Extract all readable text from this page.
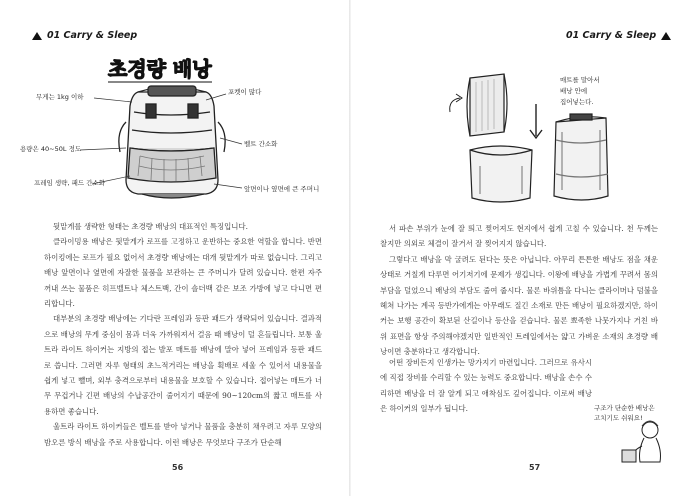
01 Carry & Sleep	01 Carry & Sleep
초경량 배낭
무게는 1kg 이하
포켓이 많다
용량은 40~50L 정도
벨트 간소화
프레임 생략, 패드 간소화
앞면이나 옆면에 큰 주머니

뒷맡게를 생략한 형태는 초경량 배낭의 대표적인 특징입니다.

클라이밍용 배낭은 뒷맡게가 로프를 고정하고 운반하는 중요한 역할을 합니다. 반면 하이킹에는 로프가 필요 없어서 초경량 배낭에는 대개 뒷맡게가 따로 없습니다. 그리고 배낭 앞면이나 옆면에 자잘한 물품을 보관하는 큰 주머니가 달려 있습니다. 한편 자주 꺼내 쓰는 물품은 히프벨트나 체스트백, 간이 숄더백 같은 보조 가방에 넣고 다니면 편리합니다.

대부분의 초경량 배낭에는 기다란 프레임과 등판 패드가 생략되어 있습니다. 결과적으로 배낭의 무게 중심이 몸과 더욱 가까워져서 걸음 때 배낭이 덜 흔들립니다. 보통 울트라 라이트 하이커는 지방의 접는 발포 매트를 배낭에 말아 넣어 프레임과 등판 패드로 씁니다. 그러면 자루 형태의 초느적거리는 배낭을 획배로 세울 수 있어서 내용물을 쉽게 넣고 뺄며, 외부 충격으로부터 내용물을 보호할 수 있습니다. 접어넣는 매트가 너무 무겁거나 긴편 배낭의 수납공간이 줄어지기 때문에 90~120cm의 짧고 매트를 사용하면 좋습니다.

울트라 라이트 하이커들은 벨트를 받아 넣거나 물품을 충분히 채우려고 자루 모양의 밤오른 방식 배낭을 주로 사용합니다. 이런 배낭은 무엇보다 구조가 단순해

56
매트를 말아서 배낭 안에 집어넣는다.

서 파손 부위가 눈에 잘 띄고 찢어져도 현지에서 쉽게 고칠 수 있습니다. 천 두께는 찰지만 의외로 체결이 잘거서 잘 찢어지지 않습니다.

그렇다고 배낭을 막 굴려도 된다는 뜻은 아닙니다. 아무리 튼튼한 배낭도 점을 채운 상태로 거칠게 다루면 어기저기에 문제가 생깁니다. 이왕에 배낭을 가볍게 꾸려서 몸의 부담을 덜었으니 배낭의 부담도 줄여 줍시다. 물론 바위틈을 다니는 클라이머나 덤불을 헤쳐 나가는 계곡 등반가에게는 아무래도 질긴 소재로 만든 배낭이 필요하겠지만, 하이커는 보행 공간이 확보된 산길이나 등산을 걷습니다. 물론 뾰족한 나뭇가지나 거친 바위 표면을 항상 주의해야겠지만 일반적인 트레일에서는 얇고 가벼운 소재의 초경량 배낭이면 충분하다고 생각합니다.

어떤 장비든지 인생가는 망가지기 마련입니다. 그러므로 유사시에 직접 장비를 수리할 수 있는 능력도 중요합니다. 배낭을 손수 수리하면 배낭을 더 잘 알게 되고 애착심도 깊어집니다. 이로써 배낭은 하이커의 일부가 됩니다.	구조가 단순한 배낭은 고치기도 쉬워요!
57
